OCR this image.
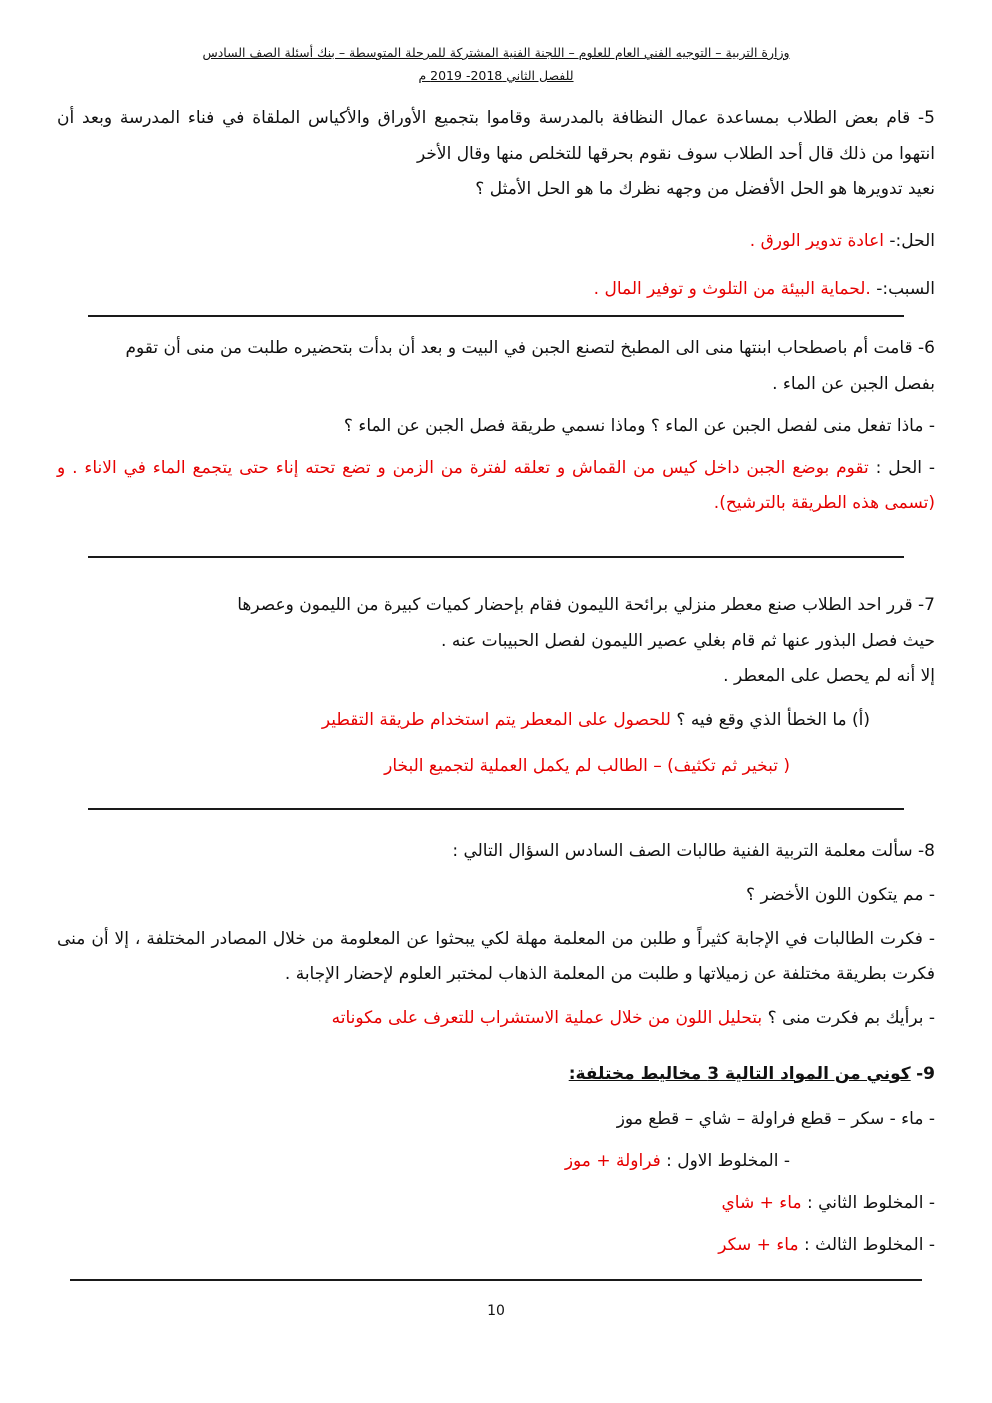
وزارة التربية – التوجيه الفني العام للعلوم – اللجنة الفنية المشتركة للمرحلة المتوسطة – بنك أسئلة الصف السادس
للفصل الثاني 2018- 2019 م

5- قام بعض الطلاب بمساعدة عمال النظافة بالمدرسة وقاموا بتجميع الأوراق والأكياس الملقاة في فناء المدرسة وبعد أن انتهوا من ذلك قال أحد الطلاب سوف نقوم بحرقها للتخلص منها وقال الأخر

نعيد تدويرها هو الحل الأفضل من وجهه نظرك ما هو الحل الأمثل ؟

الحل:- اعادة تدوير الورق .

السبب:- .لحماية البيئة من التلوث و توفير المال .

6- قامت أم باصطحاب ابنتها منى الى المطبخ لتصنع الجبن في البيت و بعد أن بدأت بتحضيره طلبت من منى أن تقوم

بفصل الجبن عن الماء .

- ماذا تفعل منى لفصل الجبن عن الماء ؟ وماذا نسمي طريقة فصل الجبن عن الماء ؟

- الحل : تقوم بوضع الجبن داخل كيس من القماش و تعلقه لفترة من الزمن و تضع تحته إناء حتى يتجمع الماء في الاناء . و (تسمى هذه الطريقة بالترشيح).

7- قرر احد الطلاب صنع معطر منزلي برائحة الليمون فقام بإحضار كميات كبيرة من الليمون وعصرها حيث فصل البذور عنها ثم قام بغلي عصير الليمون لفصل الحبيبات عنه .

إلا أنه لم يحصل على المعطر .

(أ) ما الخطأ الذي وقع فيه ؟ للحصول على المعطر يتم استخدام طريقة التقطير

( تبخير ثم تكثيف) – الطالب لم يكمل العملية لتجميع البخار

8- سألت معلمة التربية الفنية طالبات الصف السادس السؤال التالي :

- مم يتكون اللون الأخضر ؟

- فكرت الطالبات في الإجابة كثيراً و طلبن من المعلمة مهلة لكي يبحثوا عن المعلومة من خلال المصادر المختلفة ، إلا أن منى فكرت بطريقة مختلفة عن زميلاتها و طلبت من المعلمة الذهاب لمختبر العلوم لإحضار الإجابة .

- برأيك بم فكرت منى ؟ بتحليل اللون من خلال عملية الاستشراب للتعرف على مكوناته

9- كوني من المواد التالية 3 مخاليط مختلفة:

- ماء - سكر – قطع فراولة – شاي – قطع موز

- المخلوط الاول : فراولة + موز

- المخلوط الثاني : ماء + شاي

- المخلوط الثالث : ماء + سكر

10
